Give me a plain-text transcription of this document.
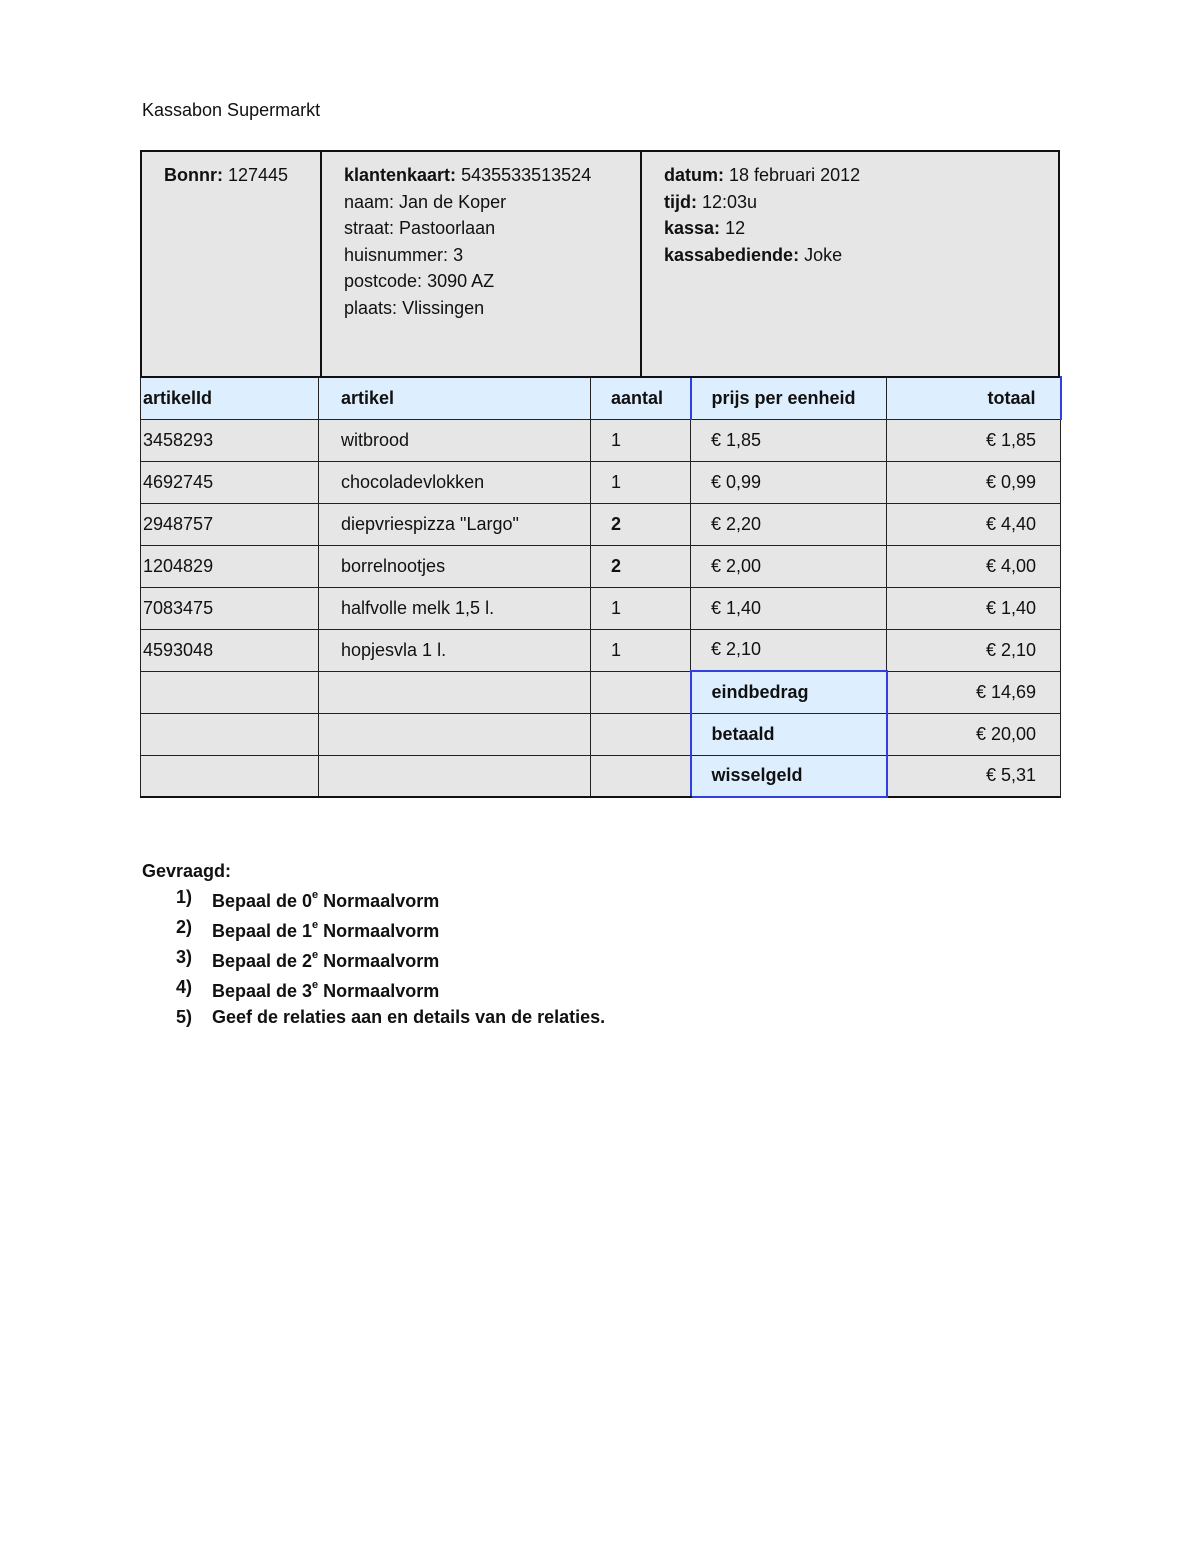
Kassabon Supermarkt
Bonnr: 127445	klantenkaart: 5435533513524
naam: Jan de Koper
straat: Pastoorlaan
huisnummer: 3
postcode: 3090 AZ
plaats: Vlissingen
datum: 18 februari 2012
tijd: 12:03u
kassa: 12
kassabediende: Joke
artikelId	artikel	aantal	prijs per eenheid	totaal
3458293	witbrood	1	€ 1,85	€ 1,85
4692745	chocoladevlokken	1	€ 0,99	€ 0,99
2948757	diepvriespizza "Largo"	2	€ 2,20	€ 4,40
1204829	borrelnootjes	2	€ 2,00	€ 4,00
7083475	halfvolle melk 1,5 l.	1	€ 1,40	€ 1,40
4593048	hopjesvla 1 l.	1	€ 2,10	€ 2,10
			eindbedrag	€ 14,69
			betaald	€ 20,00
			wisselgeld	€ 5,31
Gevraagd:
1) Bepaal de 0e Normaalvorm
2) Bepaal de 1e Normaalvorm
3) Bepaal de 2e Normaalvorm
4) Bepaal de 3e Normaalvorm
5) Geef de relaties aan en details van de relaties.
